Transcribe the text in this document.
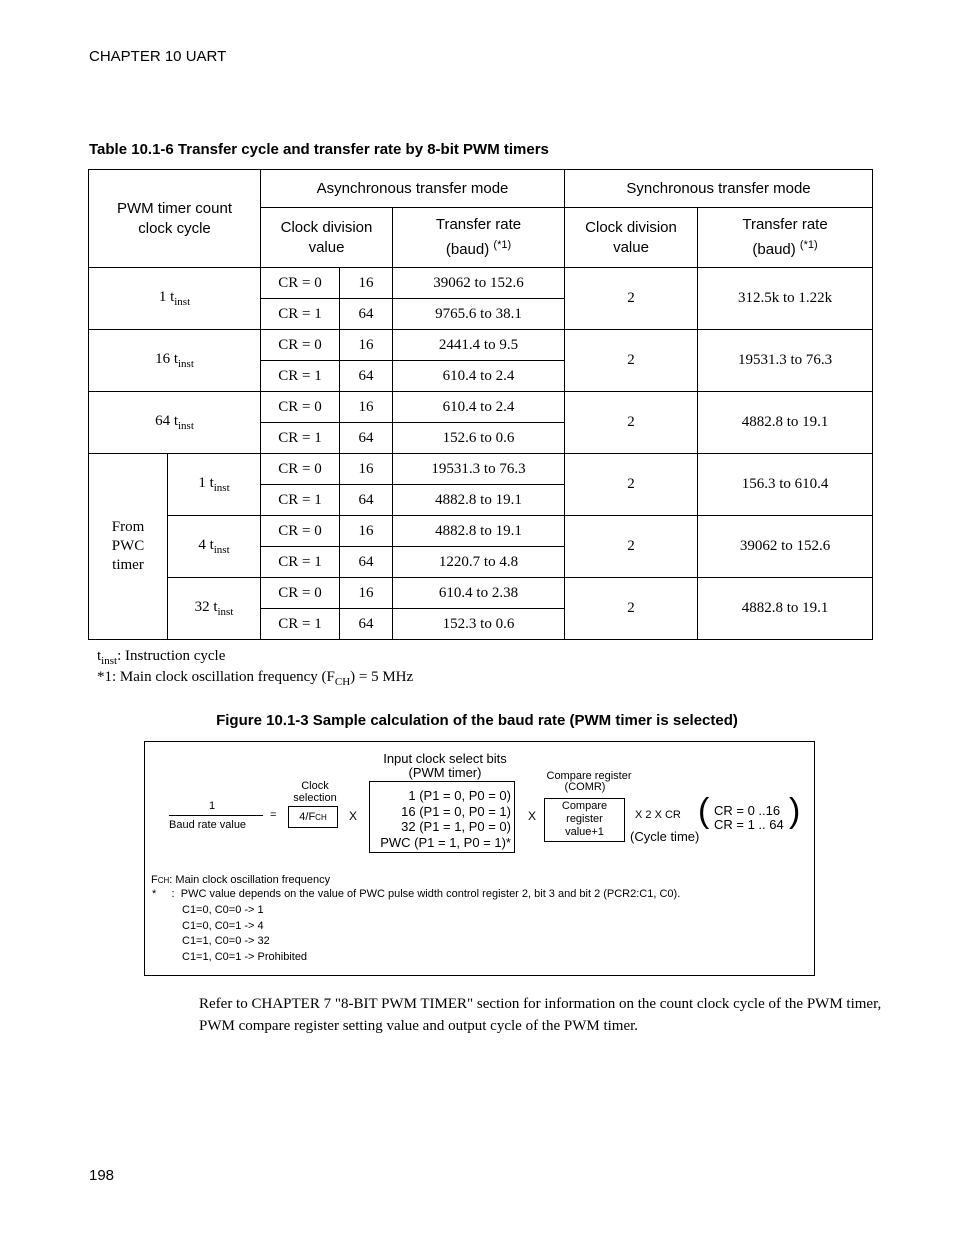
CHAPTER 10 UART
Table 10.1-6 Transfer cycle and transfer rate by 8-bit PWM timers
PWM timer count clock cycle		Asynchronous transfer mode			Synchronous transfer mode	
		Clock division value		Transfer rate (baud) $^{(*1)}$	Clock division value	Transfer rate (baud) $^{(*1)}$
1 $t_{inst}$		CR = 0	16	39062 to 152.6	2	312.5k to 1.22k
		CR = 1	64	9765.6 to 38.1		
16 $t_{inst}$		CR = 0	16	2441.4 to 9.5	2	19531.3 to 76.3
		CR = 1	64	610.4 to 2.4		
64 $t_{inst}$		CR = 0	16	610.4 to 2.4	2	4882.8 to 19.1
		CR = 1	64	152.6 to 0.6		
From PWC timer	1 $t_{inst}$	CR = 0	16	19531.3 to 76.3	2	156.3 to 610.4
		CR = 1	64	4882.8 to 19.1		
	4 $t_{inst}$	CR = 0	16	4882.8 to 19.1	2	39062 to 152.6
		CR = 1	64	1220.7 to 4.8		
	32 $t_{inst}$	CR = 0	16	610.4 to 2.38	2	4882.8 to 19.1
		CR = 1	64	152.3 to 0.6		
$t_{inst}$: Instruction cycle
*1: Main clock oscillation frequency $(F_{CH}) = 5$ MHz
Figure 10.1-3 Sample calculation of the baud rate (PWM timer is selected)
1
Baud rate value
=
Clock selection
4/FCH	X
Input clock select bits
(PWM timer)
1 (P1 = 0, P0 = 0)
16 (P1 = 0, P0 = 1)
32 (P1 = 1, P0 = 0)
PWC (P1 = 1, P0 = 1)*
X
Compare register
(COMR)
Compare
register
value+1
X 2 X CR
(Cycle time)
( CR = 0 ..16
CR = 1 .. 64 )
FCH: Main clock oscillation frequency
*     :  PWC value depends on the value of PWC pulse width control register 2, bit 3 and bit 2 (PCR2:C1, C0).
C1=0, C0=0 -> 1
C1=0, C0=1 -> 4
C1=1, C0=0 -> 32
C1=1, C0=1 -> Prohibited
Refer to CHAPTER 7 "8-BIT PWM TIMER" section for information on the count clock cycle of the PWM timer, PWM compare register setting value and output cycle of the PWM timer.
198
